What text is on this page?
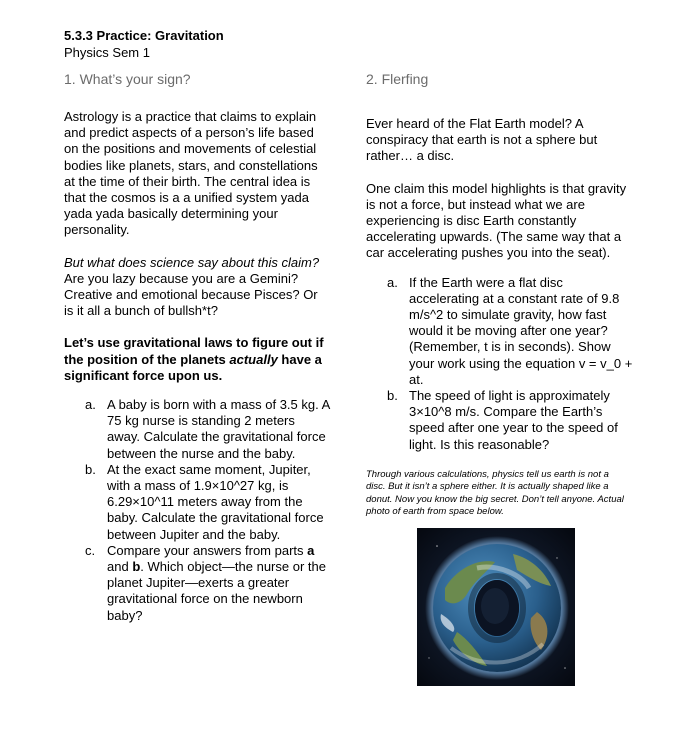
5.3.3 Practice: Gravitation
Physics Sem 1
1. What’s your sign?

Astrology is a practice that claims to explain and predict aspects of a person’s life based on the positions and movements of celestial bodies like planets, stars, and constellations at the time of their birth. The central idea is that the cosmos is a a unified system yada yada yada basically determining your personality.

But what does science say about this claim? Are you lazy because you are a Gemini? Creative and emotional because Pisces? Or is it all a bunch of bullsh*t?

Let’s use gravitational laws to figure out if the position of the planets actually have a significant force upon us.

a. A baby is born with a mass of 3.5 kg. A 75 kg nurse is standing 2 meters away. Calculate the gravitational force between the nurse and the baby.
b. At the exact same moment, Jupiter, with a mass of 1.9×10^27 kg, is 6.29×10^11 meters away from the baby. Calculate the gravitational force between Jupiter and the baby.
c. Compare your answers from parts a and b. Which object—the nurse or the planet Jupiter—exerts a greater gravitational force on the newborn baby?
2. Flerfing

Ever heard of the Flat Earth model? A conspiracy that earth is not a sphere but rather… a disc.

One claim this model highlights is that gravity is not a force, but instead what we are experiencing is disc Earth constantly accelerating upwards. (The same way that a car accelerating pushes you into the seat).

a. If the Earth were a flat disc accelerating at a constant rate of 9.8 m/s^2 to simulate gravity, how fast would it be moving after one year? (Remember, t is in seconds). Show your work using the equation v = v_0 + at.
b. The speed of light is approximately 3×10^8 m/s. Compare the Earth’s speed after one year to the speed of light. Is this reasonable?
Through various calculations, physics tell us earth is not a disc. But it isn’t a sphere either. It is actually shaped like a donut. Now you know the big secret. Don’t tell anyone. Actual photo of earth from space below.
